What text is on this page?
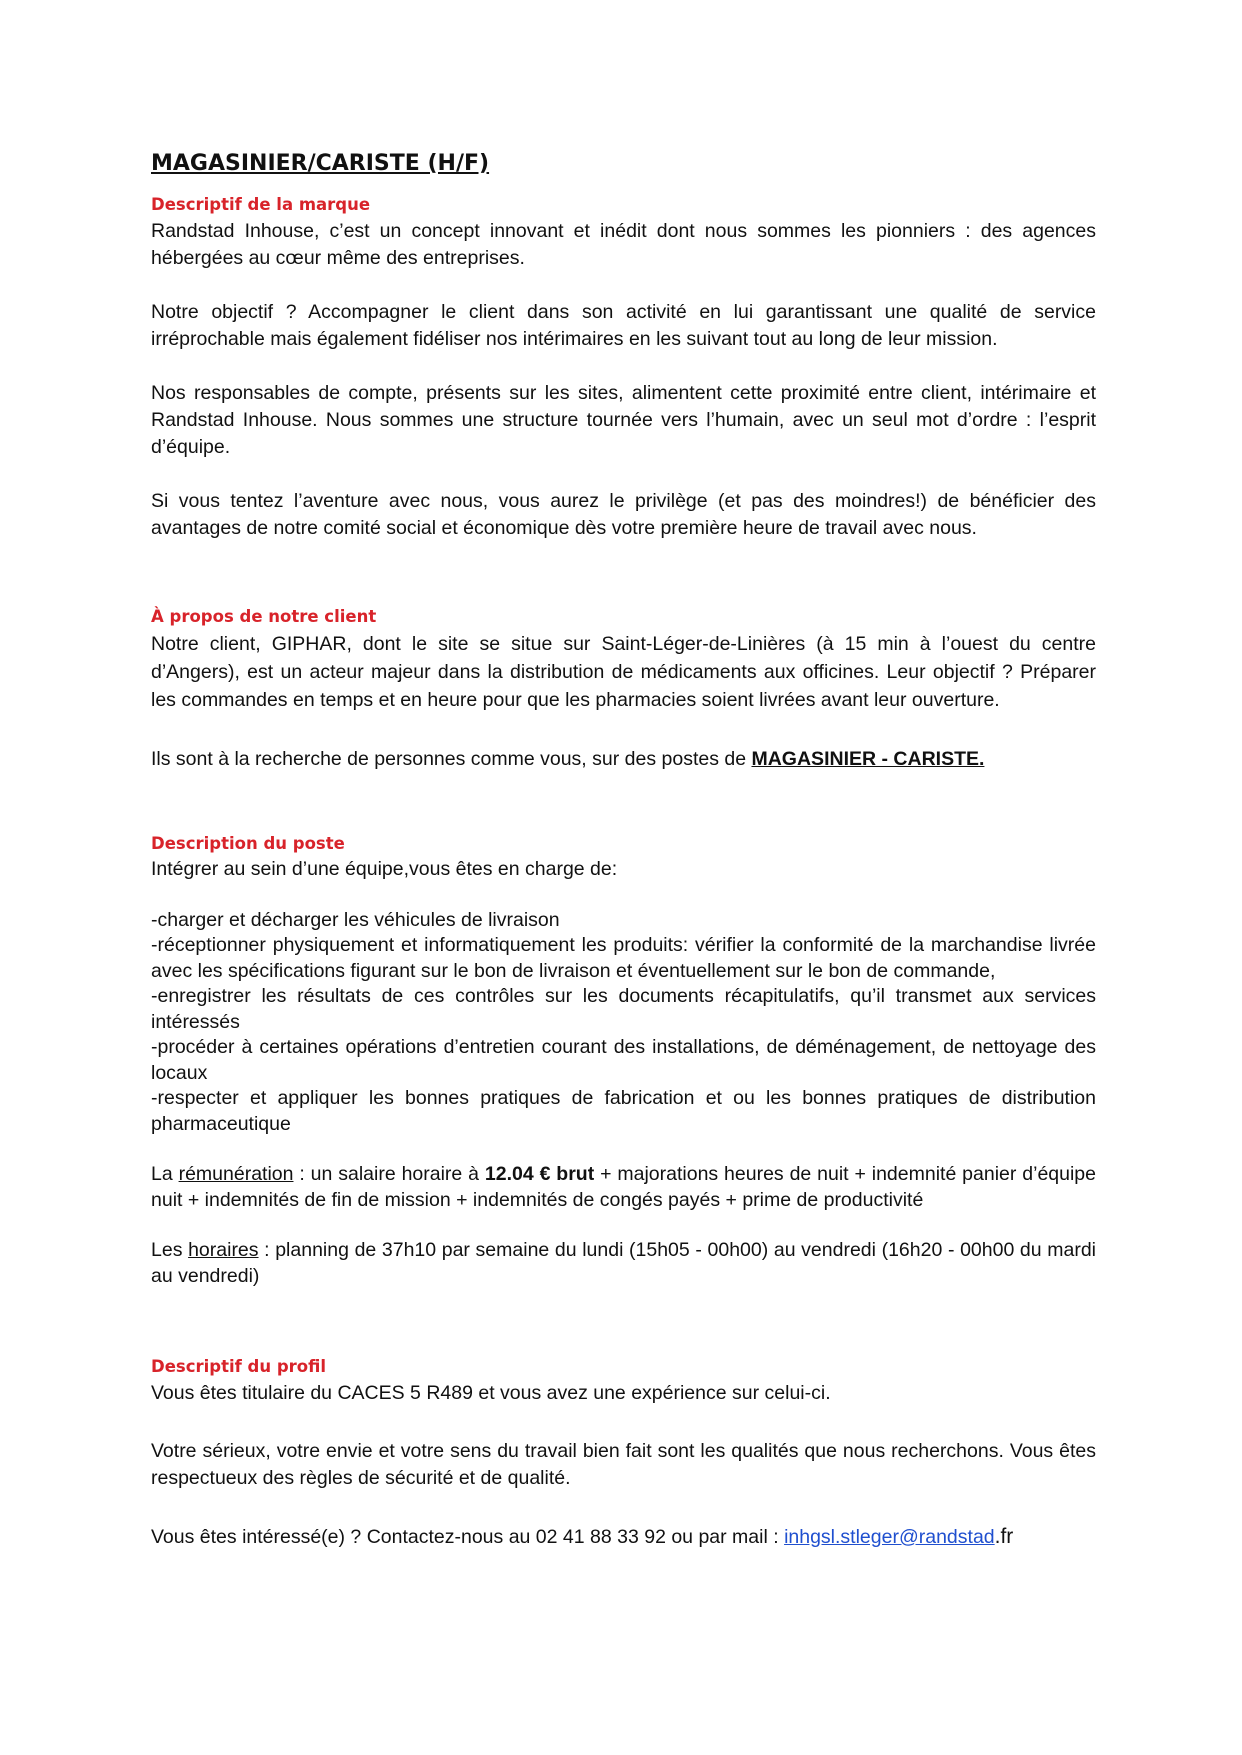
MAGASINIER/CARISTE (H/F)

Descriptif de la marque

Randstad Inhouse, c’est un concept innovant et inédit dont nous sommes les pionniers : des agences hébergées au cœur même des entreprises.

Notre objectif ? Accompagner le client dans son activité en lui garantissant une qualité de service irréprochable mais également fidéliser nos intérimaires en les suivant tout au long de leur mission.

Nos responsables de compte, présents sur les sites, alimentent cette proximité entre client, intérimaire et Randstad Inhouse. Nous sommes une structure tournée vers l’humain, avec un seul mot d’ordre : l’esprit d’équipe.

Si vous tentez l’aventure avec nous, vous aurez le privilège (et pas des moindres!) de bénéficier des avantages de notre comité social et économique dès votre première heure de travail avec nous.

À propos de notre client

Notre client, GIPHAR, dont le site se situe sur Saint-Léger-de-Linières (à 15 min à l’ouest du centre d’Angers), est un acteur majeur dans la distribution de médicaments aux officines. Leur objectif ? Préparer les commandes en temps et en heure pour que les pharmacies soient livrées avant leur ouverture.

Ils sont à la recherche de personnes comme vous, sur des postes de MAGASINIER - CARISTE.

Description du poste

Intégrer au sein d’une équipe,vous êtes en charge de:

-charger et décharger les véhicules de livraison

-réceptionner physiquement et informatiquement les produits: vérifier la conformité de la marchandise livrée avec les spécifications figurant sur le bon de livraison et éventuellement sur le bon de commande,

-enregistrer les résultats de ces contrôles sur les documents récapitulatifs, qu’il transmet aux services intéressés

-procéder à certaines opérations d’entretien courant des installations, de déménagement, de nettoyage des locaux

-respecter et appliquer les bonnes pratiques de fabrication et ou les bonnes pratiques de distribution pharmaceutique

La rémunération : un salaire horaire à 12.04 € brut + majorations heures de nuit + indemnité panier d’équipe nuit + indemnités de fin de mission + indemnités de congés payés + prime de productivité

Les horaires : planning de 37h10 par semaine du lundi (15h05 - 00h00) au vendredi (16h20 - 00h00 du mardi au vendredi)

Descriptif du profil

Vous êtes titulaire du CACES 5 R489 et vous avez une expérience sur celui-ci.

Votre sérieux, votre envie et votre sens du travail bien fait sont les qualités que nous recherchons. Vous êtes respectueux des règles de sécurité et de qualité.

Vous êtes intéressé(e) ? Contactez-nous au 02 41 88 33 92 ou par mail : inhgsl.stleger@randstad.fr
